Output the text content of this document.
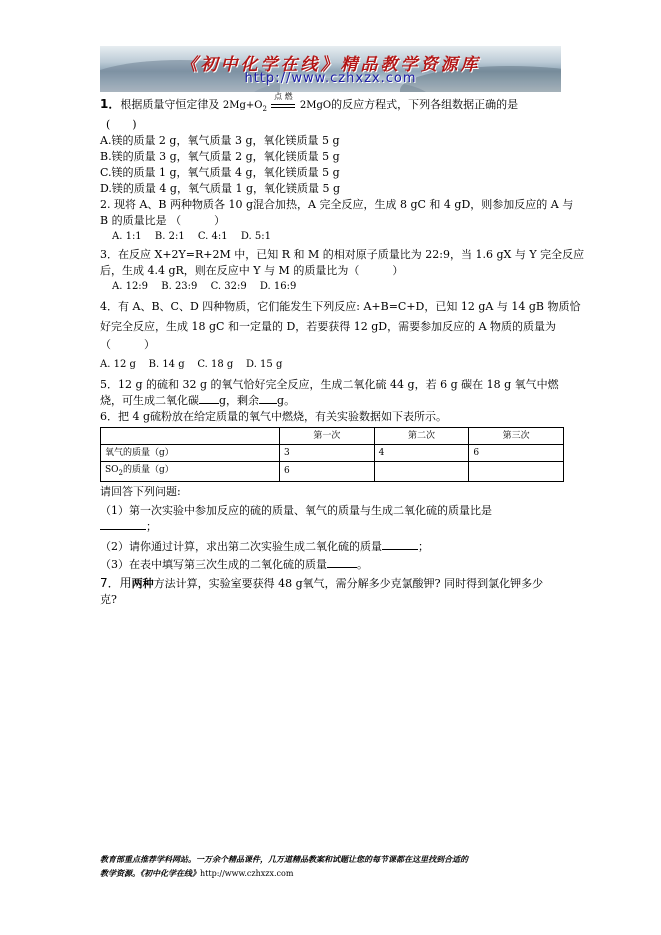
《初中化学在线》精品教学资源库
http://www.czhxzx.com
1．根据质量守恒定律及 $2Mg+O_2$
点 燃
2MgO的反应方程式，下列各组数据正确的是
(　　)
A.镁的质量 2 g，氧气质量 3 g，氧化镁质量 5 g
B.镁的质量 3 g，氧气质量 2 g，氧化镁质量 5 g
C.镁的质量 1 g，氧气质量 4 g，氧化镁质量 5 g
D.镁的质量 4 g，氧气质量 1 g，氧化镁质量 5 g
2. 现将 A、B 两种物质各 10 g混合加热，A 完全反应，生成 8 gC 和 4 gD，则参加反应的 A 与
B 的质量比是 （　　　）
A. 1:1 B. 2:1 C. 4:1 D. 5:1
3．在反应 X+2Y=R+2M 中，已知 R 和 M 的相对原子质量比为 22:9，当 1.6 gX 与 Y 完全反应
后，生成 4.4 gR，则在反应中 Y 与 M 的质量比为（　　　）
A. 12:9 B. 23:9 C. 32:9 D. 16:9
4．有 A、B、C、D 四种物质，它们能发生下列反应: A+B=C+D，已知 12 gA 与 14 gB 物质恰
好完全反应，生成 18 gC 和一定量的 D，若要获得 12 gD，需要参加反应的 A 物质的质量为
（　　　）
A. 12 g B. 14 g C. 18 g D. 15 g
5．12 g 的硫和 32 g 的氧气恰好完全反应，生成二氧化硫 44 g，若 6 g 碳在 18 g 氧气中燃
烧，可生成二氧化碳 g，剩余 g。
6．把 4 g硫粉放在给定质量的氧气中燃烧，有关实验数据如下表所示。
	第一次	第二次	第三次
氧气的质量（g）	3	4	6
$SO_2$的质量（g）	6		
请回答下列问题:
（1）第一次实验中参加反应的硫的质量、氧气的质量与生成二氧化硫的质量比是
；
（2）请你通过计算，求出第二次实验生成二氧化硫的质量	；
（3）在表中填写第三次生成的二氧化硫的质量	。
7．用两种方法计算，实验室要获得 48 g氧气，需分解多少克氯酸钾? 同时得到氯化钾多少
克?
教育部重点推荐学科网站。一万余个精品课件，几万道精品教案和试题让您的每节课都在这里找到合适的
教学资源。《初中化学在线》http://www.czhxzx.com
